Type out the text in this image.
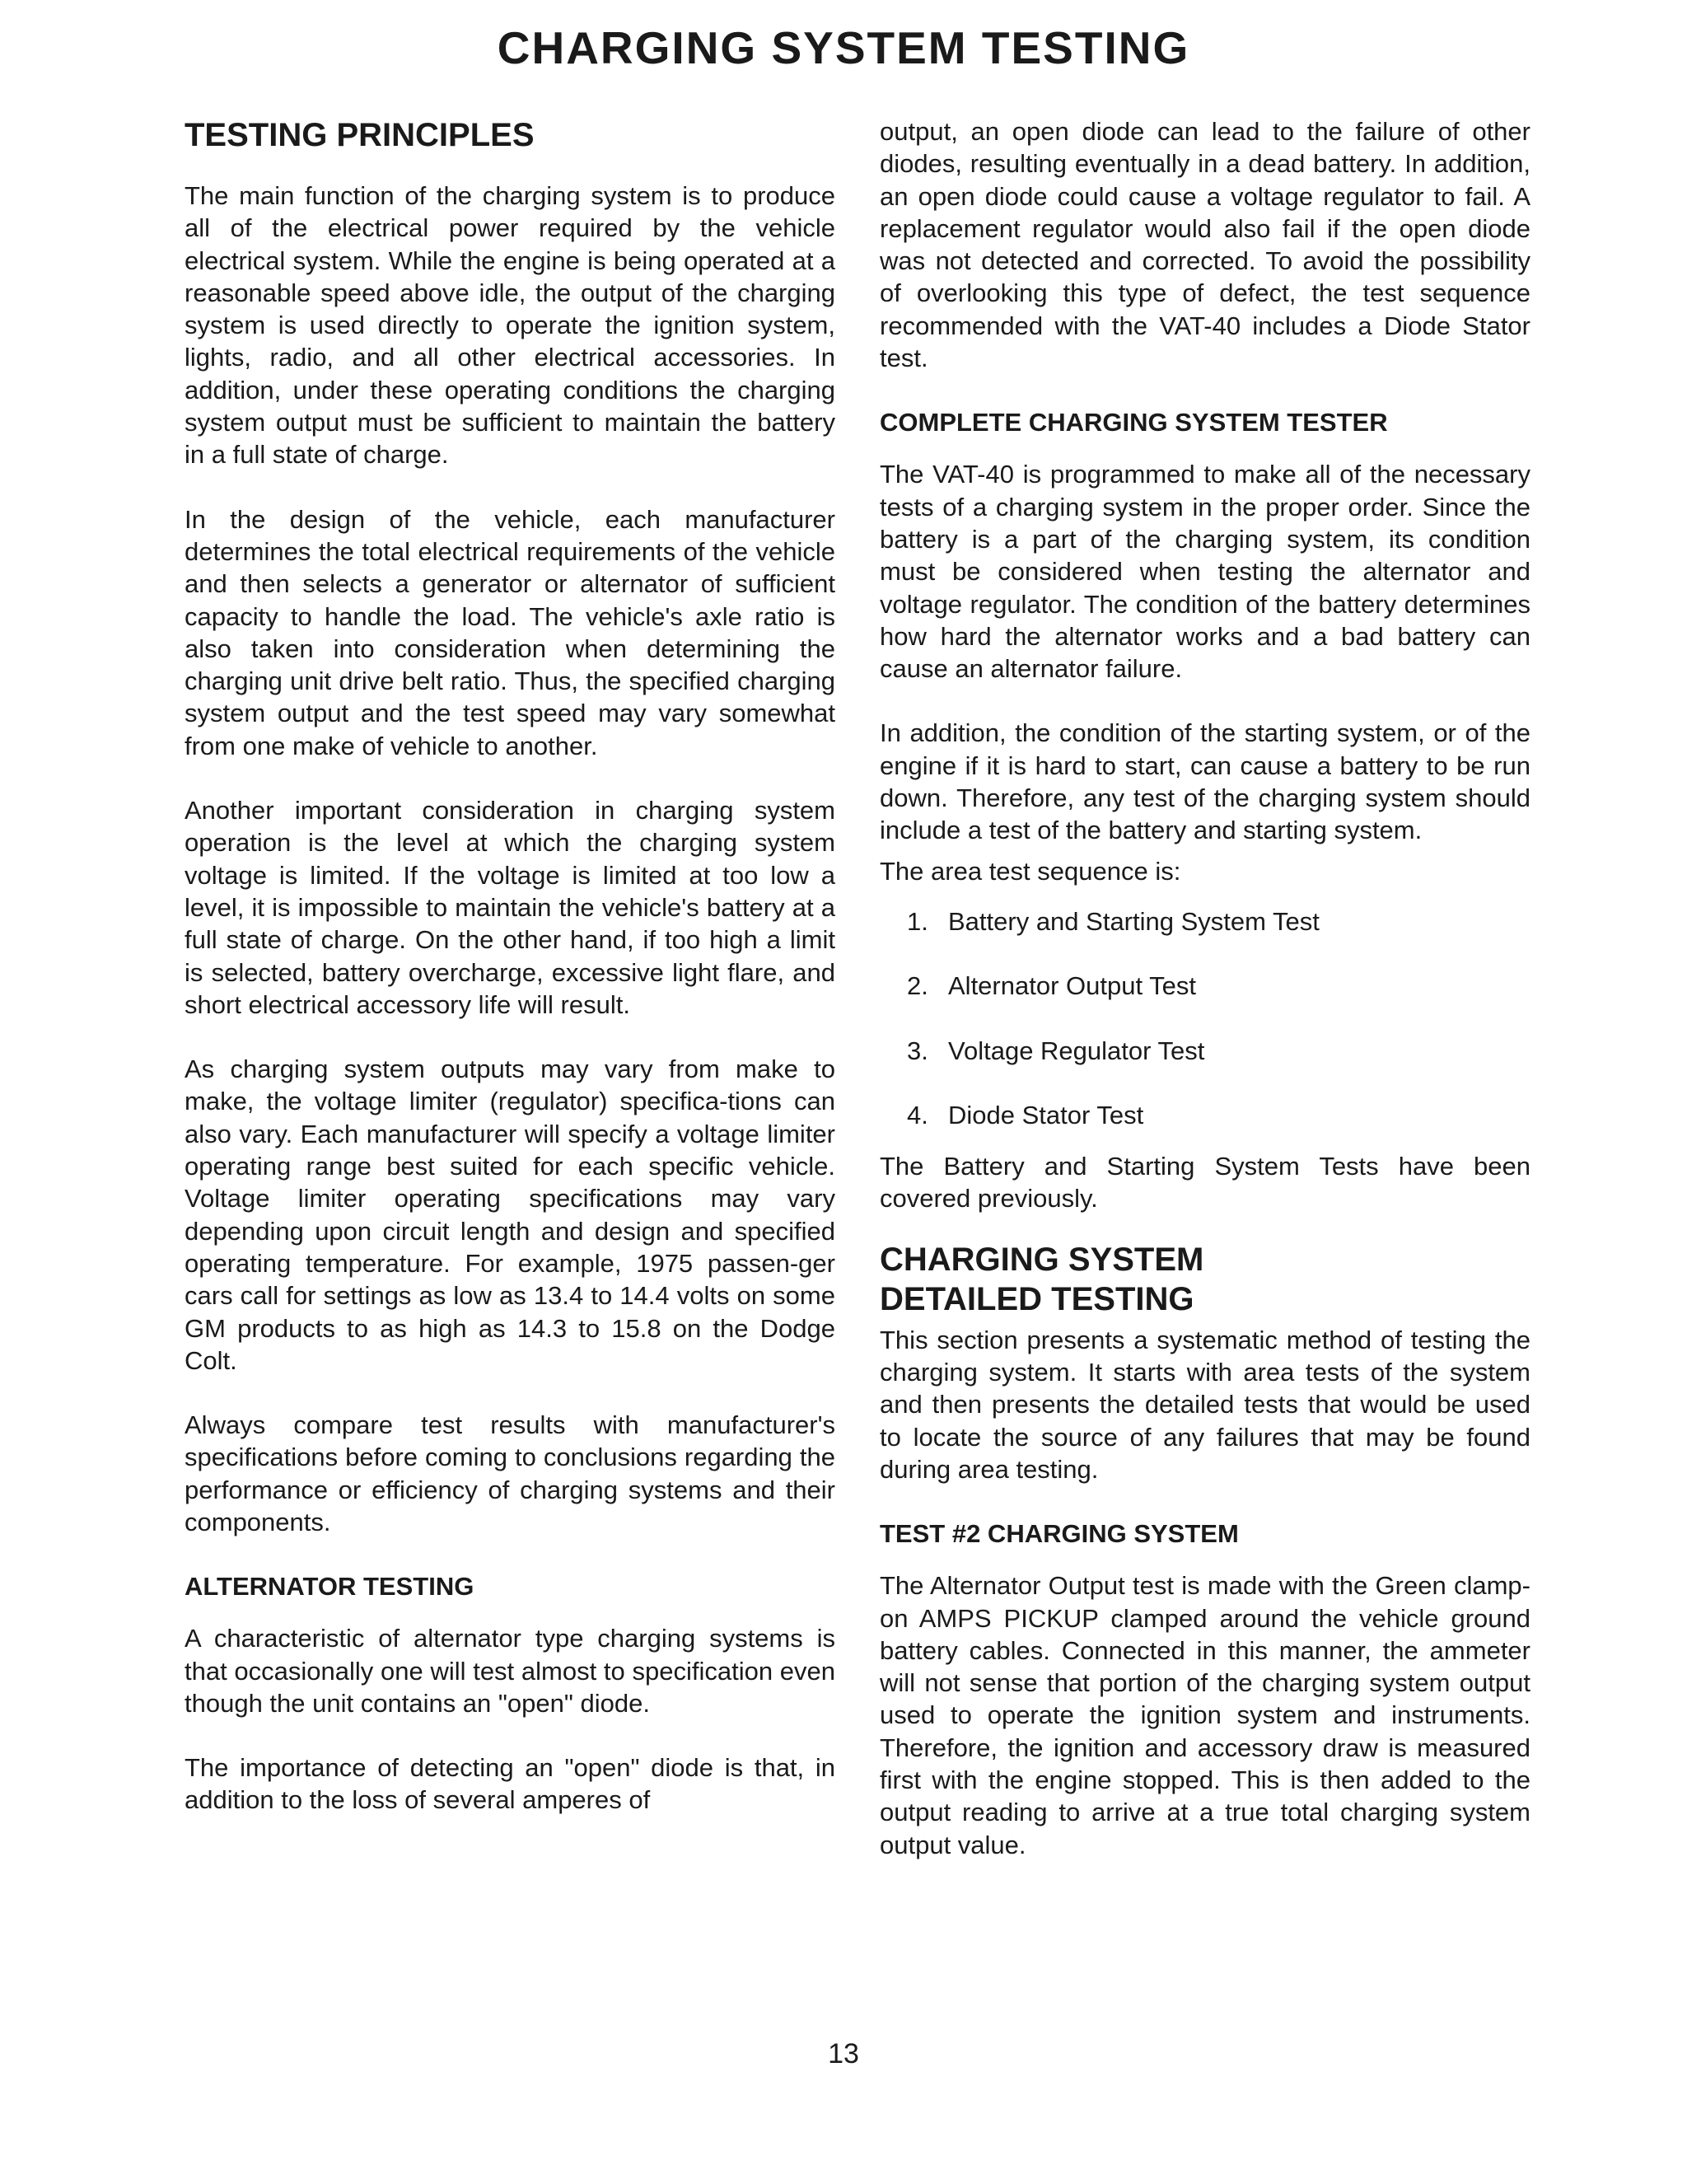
CHARGING SYSTEM TESTING
TESTING PRINCIPLES

The main function of the charging system is to produce all of the electrical power required by the vehicle electrical system. While the engine is being operated at a reasonable speed above idle, the output of the charging system is used directly to operate the ignition system, lights, radio, and all other electrical accessories. In addition, under these operating conditions the charging system output must be sufficient to maintain the battery in a full state of charge.

In the design of the vehicle, each manufacturer determines the total electrical requirements of the vehicle and then selects a generator or alternator of sufficient capacity to handle the load. The vehicle's axle ratio is also taken into consideration when determining the charging unit drive belt ratio. Thus, the specified charging system output and the test speed may vary somewhat from one make of vehicle to another.

Another important consideration in charging system operation is the level at which the charging system voltage is limited. If the voltage is limited at too low a level, it is impossible to maintain the vehicle's battery at a full state of charge. On the other hand, if too high a limit is selected, battery overcharge, excessive light flare, and short electrical accessory life will result.

As charging system outputs may vary from make to make, the voltage limiter (regulator) specifica-tions can also vary. Each manufacturer will specify a voltage limiter operating range best suited for each specific vehicle. Voltage limiter operating specifications may vary depending upon circuit length and design and specified operating temperature. For example, 1975 passen-ger cars call for settings as low as 13.4 to 14.4 volts on some GM products to as high as 14.3 to 15.8 on the Dodge Colt.

Always compare test results with manufacturer's specifications before coming to conclusions regarding the performance or efficiency of charging systems and their components.

ALTERNATOR TESTING

A characteristic of alternator type charging systems is that occasionally one will test almost to specification even though the unit contains an "open" diode.

The importance of detecting an "open" diode is that, in addition to the loss of several amperes of

output, an open diode can lead to the failure of other diodes, resulting eventually in a dead battery. In addition, an open diode could cause a voltage regulator to fail. A replacement regulator would also fail if the open diode was not detected and corrected. To avoid the possibility of overlooking this type of defect, the test sequence recommended with the VAT-40 includes a Diode Stator test.

COMPLETE CHARGING SYSTEM TESTER

The VAT-40 is programmed to make all of the necessary tests of a charging system in the proper order. Since the battery is a part of the charging system, its condition must be considered when testing the alternator and voltage regulator. The condition of the battery determines how hard the alternator works and a bad battery can cause an alternator failure.

In addition, the condition of the starting system, or of the engine if it is hard to start, can cause a battery to be run down. Therefore, any test of the charging system should include a test of the battery and starting system.

The area test sequence is:

1. Battery and Starting System Test
2. Alternator Output Test
3. Voltage Regulator Test
4. Diode Stator Test

The Battery and Starting System Tests have been covered previously.

CHARGING SYSTEM
DETAILED TESTING

This section presents a systematic method of testing the charging system. It starts with area tests of the system and then presents the detailed tests that would be used to locate the source of any failures that may be found during area testing.

TEST #2 CHARGING SYSTEM

The Alternator Output test is made with the Green clamp-on AMPS PICKUP clamped around the vehicle ground battery cables. Connected in this manner, the ammeter will not sense that portion of the charging system output used to operate the ignition system and instruments. Therefore, the ignition and accessory draw is measured first with the engine stopped. This is then added to the output reading to arrive at a true total charging system output value.

13
